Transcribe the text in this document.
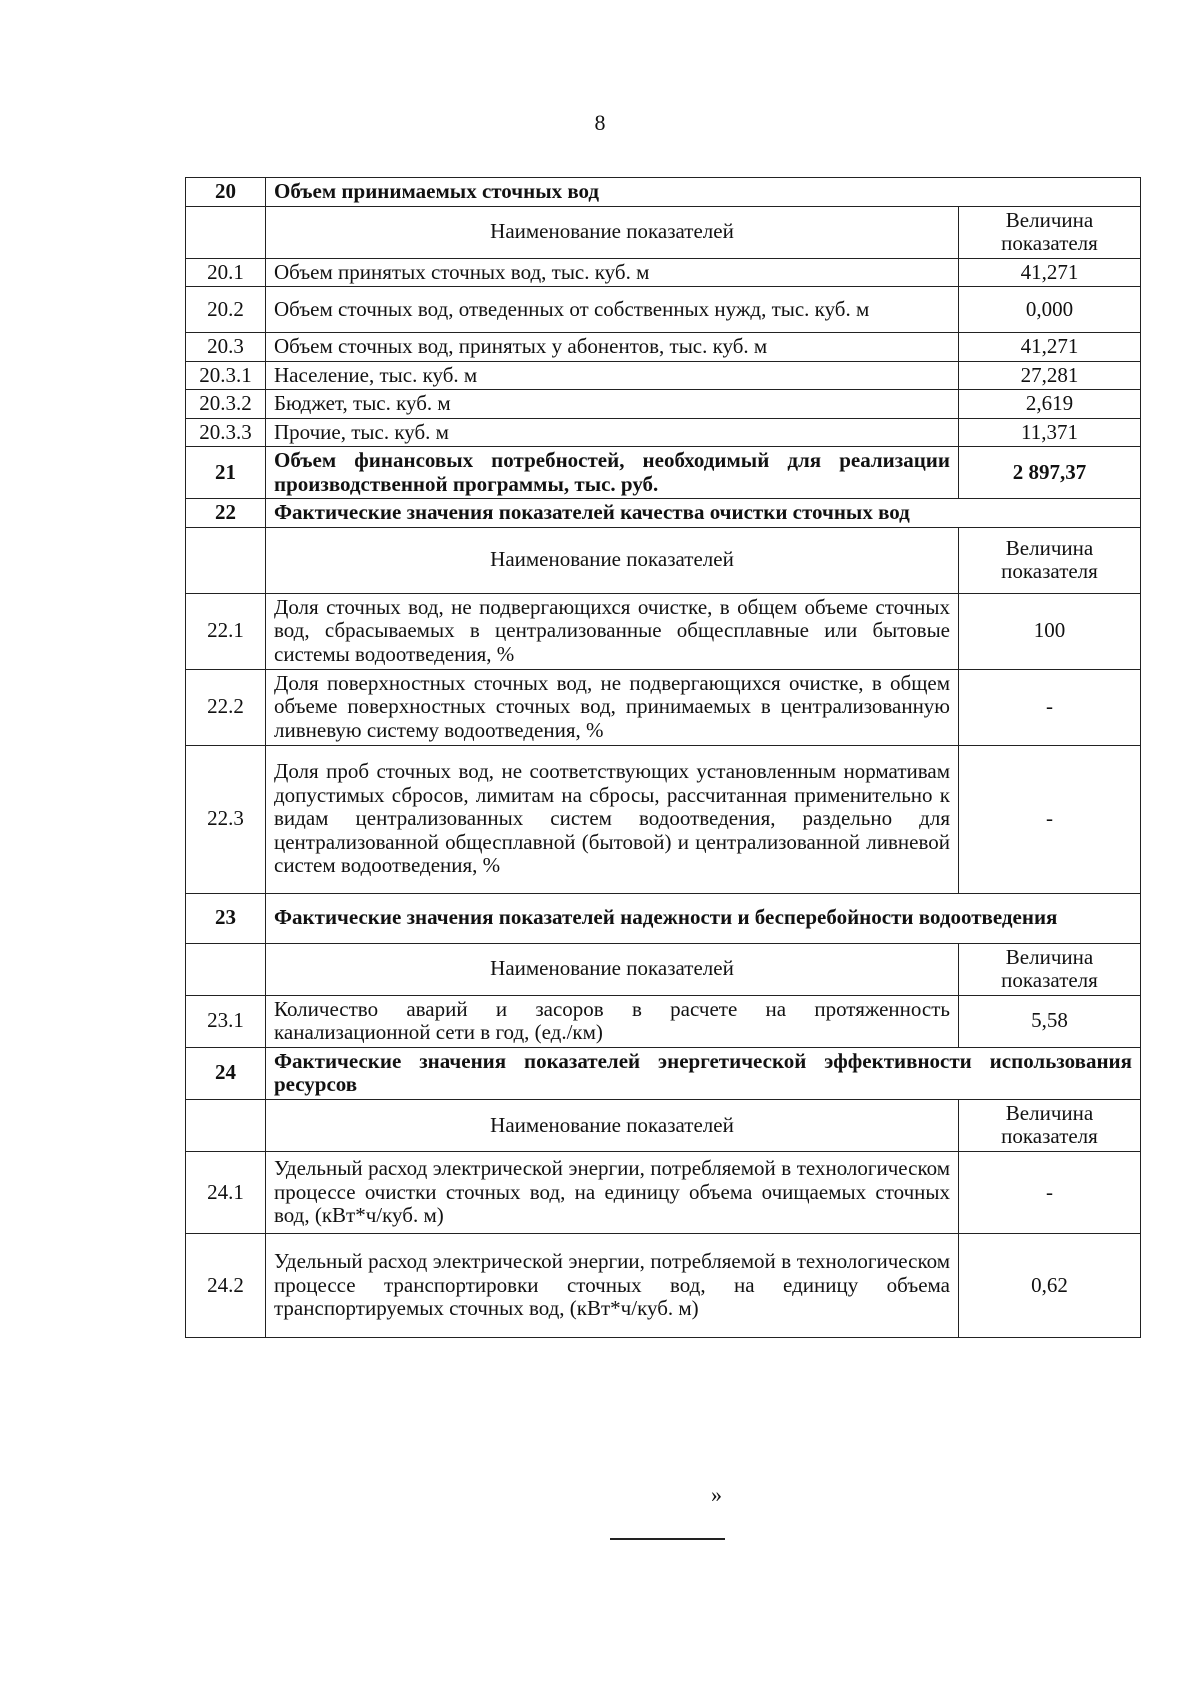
8
20	Объем принимаемых сточных вод	
	Наименование показателей	Величина показателя
20.1	Объем принятых сточных вод, тыс. куб. м	41,271
20.2	Объем сточных вод, отведенных от собственных нужд, тыс. куб. м	0,000
20.3	Объем сточных вод, принятых у абонентов, тыс. куб. м	41,271
20.3.1	Население, тыс. куб. м	27,281
20.3.2	Бюджет, тыс. куб. м	2,619
20.3.3	Прочие, тыс. куб. м	11,371
21	Объем финансовых потребностей, необходимый для реализации производственной программы, тыс. руб.	2 897,37
22	Фактические значения показателей качества очистки сточных вод	
	Наименование показателей	Величина показателя
22.1	Доля сточных вод, не подвергающихся очистке, в общем объеме сточных вод, сбрасываемых в централизованные общесплавные или бытовые системы водоотведения, %	100
22.2	Доля поверхностных сточных вод, не подвергающихся очистке, в общем объеме поверхностных сточных вод, принимаемых в централизованную ливневую систему водоотведения, %	-
22.3	Доля проб сточных вод, не соответствующих установленным нормативам допустимых сбросов, лимитам на сбросы, рассчитанная применительно к видам централизованных систем водоотведения, раздельно для централизованной общесплавной (бытовой) и централизованной ливневой систем водоотведения, %	-
23	Фактические значения показателей надежности и бесперебойности водоотведения	
	Наименование показателей	Величина показателя
23.1	Количество аварий и засоров в расчете на протяженность канализационной сети в год, (ед./км)	5,58
24	Фактические значения показателей энергетической эффективности использования ресурсов	
	Наименование показателей	Величина показателя
24.1	Удельный расход электрической энергии, потребляемой в технологическом процессе очистки сточных вод, на единицу объема очищаемых сточных вод, (кВт*ч/куб. м)	-
24.2	Удельный расход электрической энергии, потребляемой в технологическом процессе транспортировки сточных вод, на единицу объема транспортируемых сточных вод, (кВт*ч/куб. м)	0,62
»
